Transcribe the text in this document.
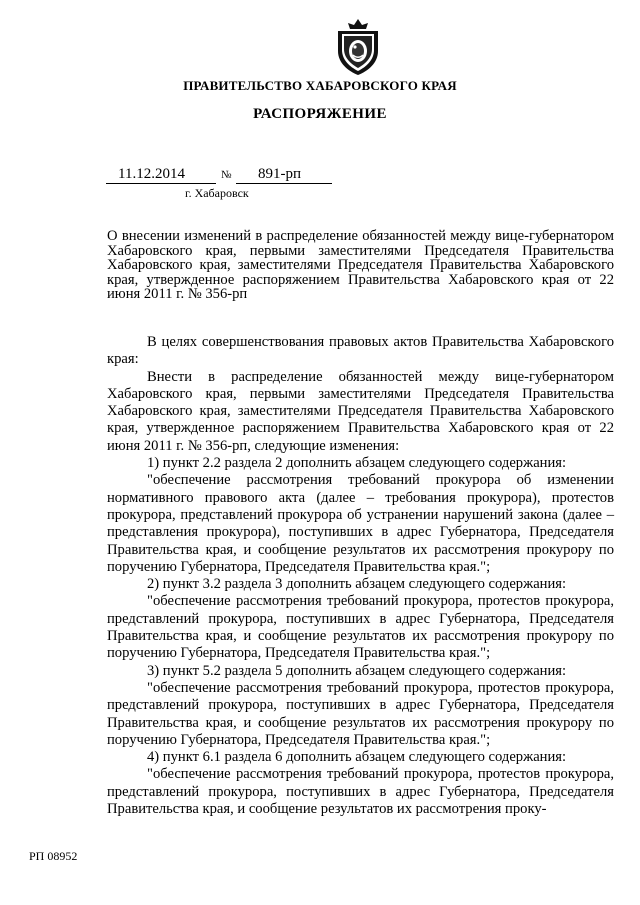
ПРАВИТЕЛЬСТВО ХАБАРОВСКОГО КРАЯ
РАСПОРЯЖЕНИЕ
11.12.2014	№	891-рп
г. Хабаровск
О внесении изменений в распределение обязанностей между вице-губернатором Хабаровского края, первыми заместителями Председателя Правительства Хабаровского края, заместителями Председателя Правительства Хабаровского края, утвержденное распоряжением Правительства Хабаровского края от 22 июня 2011 г. № 356-рп

В целях совершенствования правовых актов Правительства Хабаровского края:

Внести в распределение обязанностей между вице-губернатором Хабаровского края, первыми заместителями Председателя Правительства Хабаровского края, заместителями Председателя Правительства Хабаровского края, утвержденное распоряжением Правительства Хабаровского края от 22 июня 2011 г. № 356-рп, следующие изменения:

1) пункт 2.2 раздела 2 дополнить абзацем следующего содержания:

"обеспечение рассмотрения требований прокурора об изменении нормативного правового акта (далее – требования прокурора), протестов прокурора, представлений прокурора об устранении нарушений закона (далее – представления прокурора), поступивших в адрес Губернатора, Председателя Правительства края, и сообщение результатов их рассмотрения прокурору по поручению Губернатора, Председателя Правительства края.";

2) пункт 3.2 раздела 3 дополнить абзацем следующего содержания:

"обеспечение рассмотрения требований прокурора, протестов прокурора, представлений прокурора, поступивших в адрес Губернатора, Председателя Правительства края, и сообщение результатов их рассмотрения прокурору по поручению Губернатора, Председателя Правительства края.";

3) пункт 5.2 раздела 5 дополнить абзацем следующего содержания:

"обеспечение рассмотрения требований прокурора, протестов прокурора, представлений прокурора, поступивших в адрес Губернатора, Председателя Правительства края, и сообщение результатов их рассмотрения прокурору по поручению Губернатора, Председателя Правительства края.";

4) пункт 6.1 раздела 6 дополнить абзацем следующего содержания:

"обеспечение рассмотрения требований прокурора, протестов прокурора, представлений прокурора, поступивших в адрес Губернатора, Председателя Правительства края, и сообщение результатов их рассмотрения проку-

РП 08952
